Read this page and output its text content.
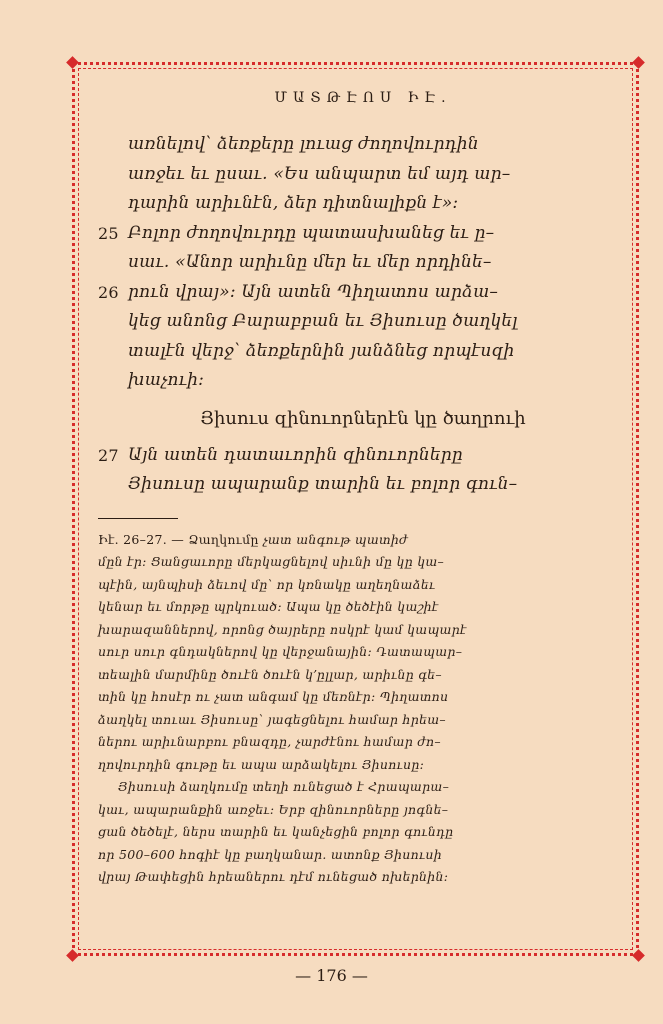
ՄԱՏԹԷՈՍ ԻԷ.
առնելով՝ ձեռքերը լուաց ժողովուրդին
առջեւ եւ ըսաւ. «Ես անպարտ եմ այդ ար–
դարին արիւնէն, ձեր դիտնալիքն է»։
25 Բոլոր ժողովուրդը պատասխանեց եւ ը–
սաւ. «Անոր արիւնը մեր եւ մեր որդինե–
26 րուն վրայ»։ Այն ատեն Պիղատոս արձա–
կեց անոնց Բարաբբան եւ Յիսուսը ծաղկել
տալէն վերջ՝ ձեռքերնին յանձնեց որպէսզի
խաչուի։
Յիսուս զինուորներէն կը ծաղրուի
27 Այն ատեն դատաւորին զինուորները
Յիսուսը ապարանք տարին եւ բոլոր գուն–
Իէ. 26–27. — Ձաղկումը չատ անգութ պատիժ
մըն էր։ Ցանցաւորը մերկացնելով սիւնի մը կը կա–
պէին, այնպիսի ձեւով մը՝ որ կռնակը աղեղնաձեւ
կենար եւ մորթը պրկուած։ Ապա կը ծեծէին կաշիէ
խարազաններով, որոնց ծայրերը ոսկրէ կամ կապարէ
սուր սուր գնդակներով կը վերջանային։ Դատապար–
տեալին մարմինը ծուէն ծուէն կ՚ըլլար, արիւնը գե–
տին կը հոսէր ու չատ անգամ կը մեռնէր։ Պիղատոս
ձաղկել տուաւ Յիսուսը՝ յագեցնելու համար հրեա–
ներու արիւնարբու բնազդը, չարժէնու համար ժո–
ղովուրդին գութը եւ ապա արձակելու Յիսուսը։
Յիսուսի ձաղկումը տեղի ունեցած է Հրապարա–
կաւ, ապարանքին առջեւ։ Երբ զինուորները յոգնե–
ցան ծեծելէ, ներս տարին եւ կանչեցին բոլոր գունդը
որ 500–600 հոգիէ կը բաղկանար. ատոնք Յիսուսի
վրայ Թափեցին հրեաներու դէմ ունեցած ոխերնին։
— 176 —
